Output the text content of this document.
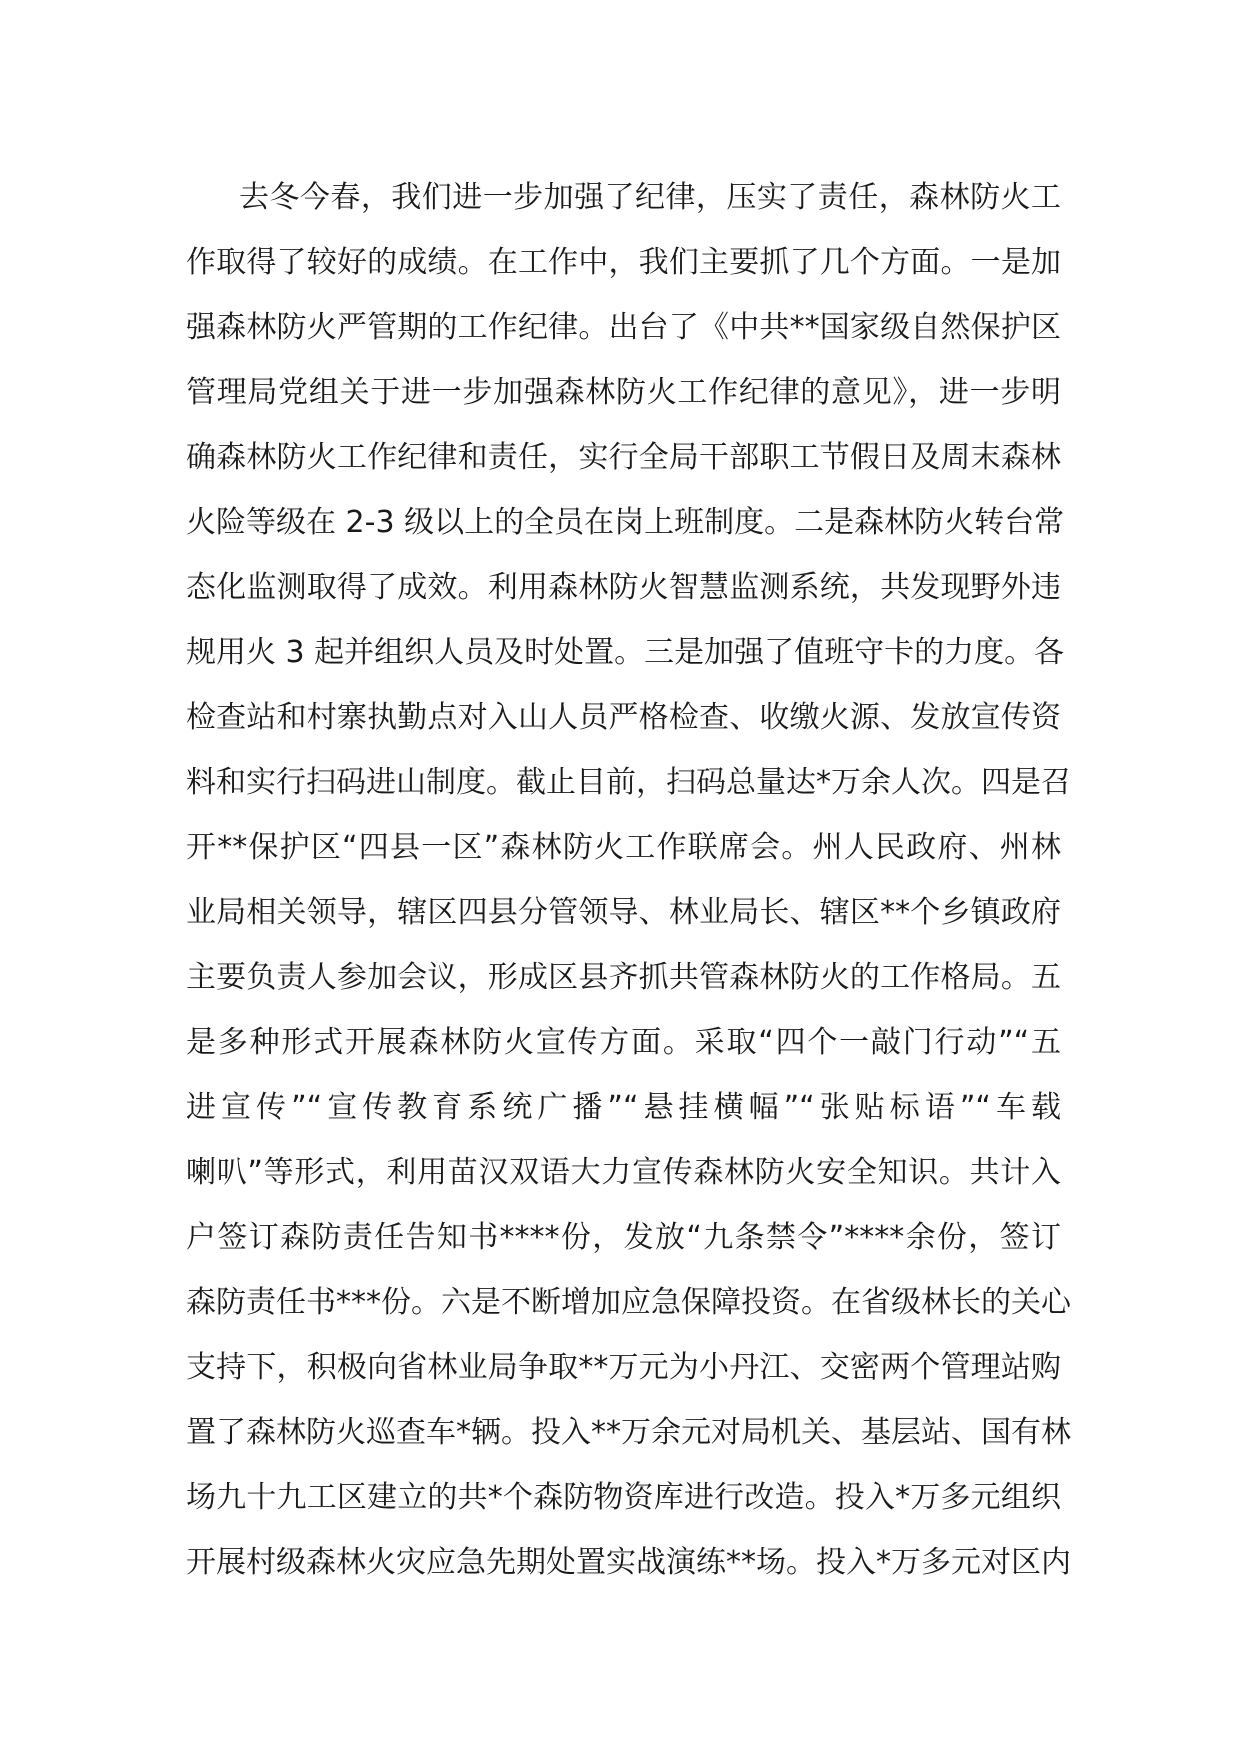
去冬今春，我们进一步加强了纪律，压实了责任，森林防火工
作取得了较好的成绩。在工作中，我们主要抓了几个方面。一是加
强森林防火严管期的工作纪律。出台了《中共**国家级自然保护区
管理局党组关于进一步加强森林防火工作纪律的意见》，进一步明
确森林防火工作纪律和责任，实行全局干部职工节假日及周末森林
火险等级在 2-3 级以上的全员在岗上班制度。二是森林防火转台常
态化监测取得了成效。利用森林防火智慧监测系统，共发现野外违
规用火 3 起并组织人员及时处置。三是加强了值班守卡的力度。各
检查站和村寨执勤点对入山人员严格检查、收缴火源、发放宣传资
料和实行扫码进山制度。截止目前，扫码总量达*万余人次。四是召
开**保护区“四县一区”森林防火工作联席会。州人民政府、州林
业局相关领导，辖区四县分管领导、林业局长、辖区**个乡镇政府
主要负责人参加会议，形成区县齐抓共管森林防火的工作格局。五
是多种形式开展森林防火宣传方面。采取“四个一敲门行动”“五
进宣传”“宣传教育系统广播”“悬挂横幅”“张贴标语”“车载
喇叭”等形式，利用苗汉双语大力宣传森林防火安全知识。共计入
户签订森防责任告知书****份，发放“九条禁令”****余份，签订
森防责任书***份。六是不断增加应急保障投资。在省级林长的关心
支持下，积极向省林业局争取**万元为小丹江、交密两个管理站购
置了森林防火巡查车*辆。投入**万余元对局机关、基层站、国有林
场九十九工区建立的共*个森防物资库进行改造。投入*万多元组织
开展村级森林火灾应急先期处置实战演练**场。投入*万多元对区内
